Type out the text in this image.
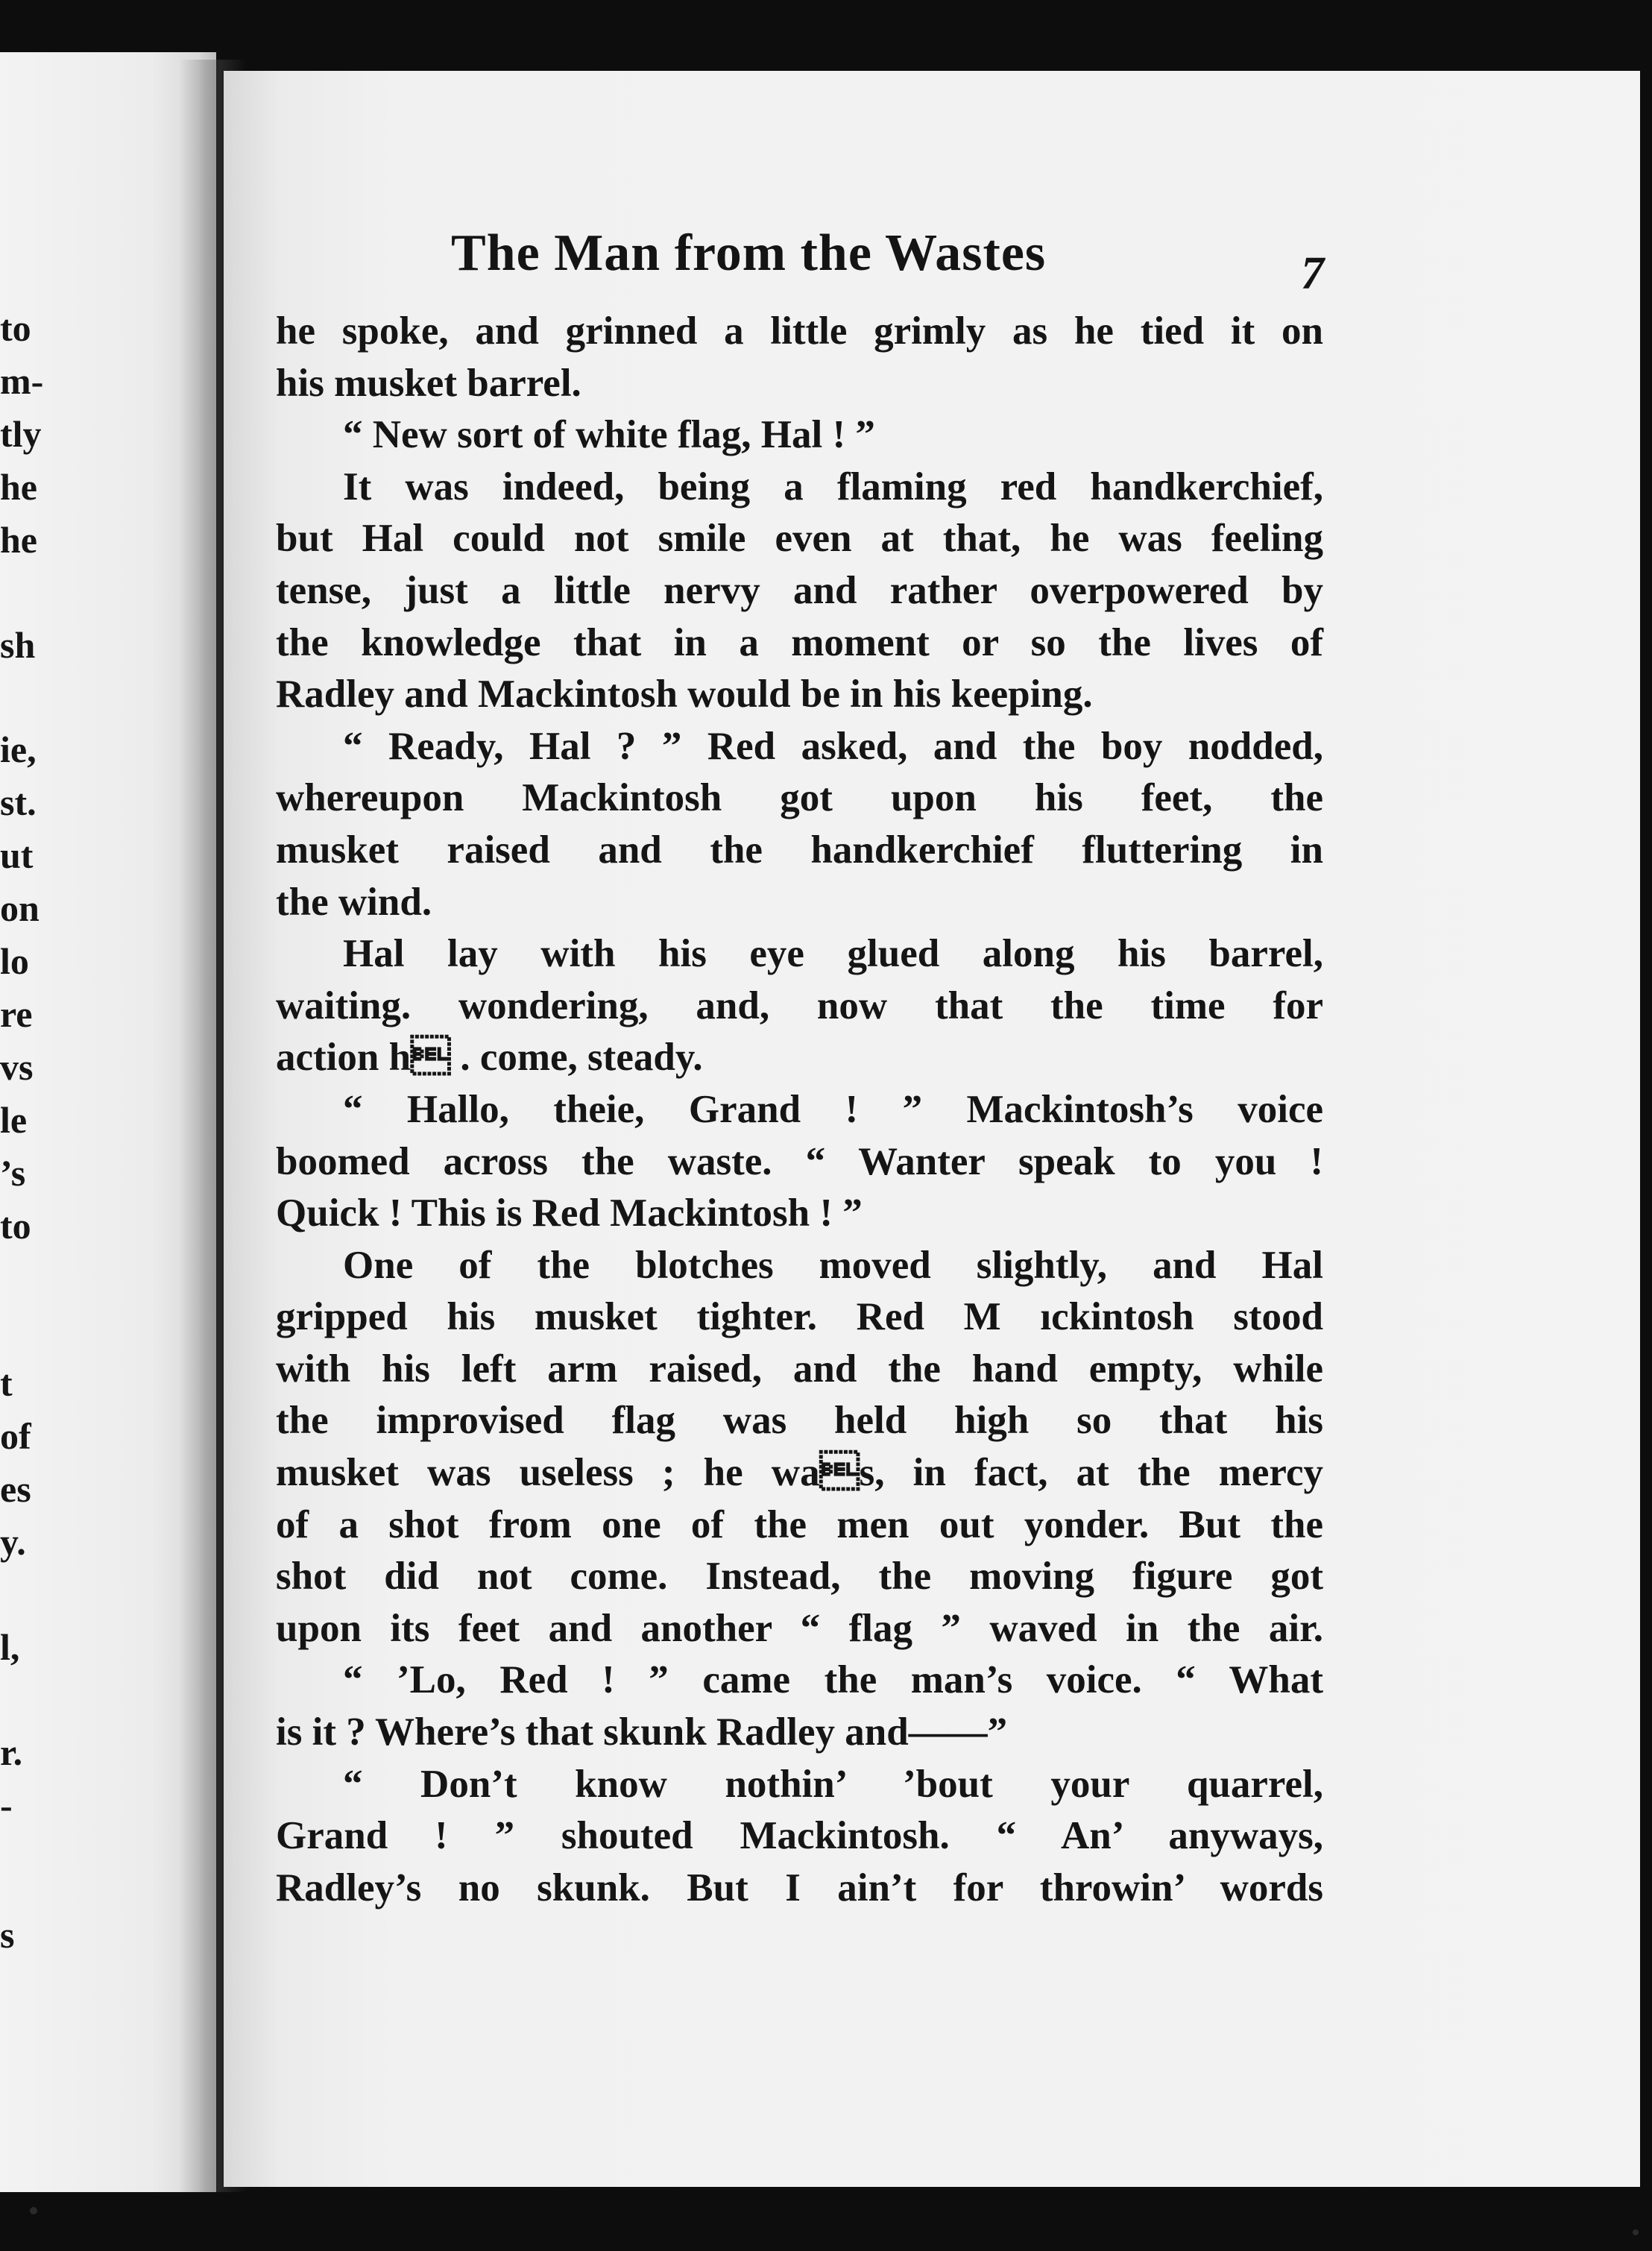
to
m-
tly
he
he
sh
ie,
st.
ut
on
lo
re
vs
le
’s
to
t
of
es
y.
l,
r.
-
s
The Man from the Wastes	7
he spoke, and grinned a little grimly as he tied it on
his musket barrel.
“ New sort of white flag, Hal ! ”
It was indeed, being a flaming red handkerchief,
but Hal could not smile even at that, he was feeling
tense, just a little nervy and rather overpowered by
the knowledge that in a moment or so the lives of
Radley and Mackintosh would be in his keeping.
“ Ready, Hal ? ” Red asked, and the boy nodded,
whereupon Mackintosh got upon his feet, the
musket raised and the handkerchief fluttering in
the wind.
Hal lay with his eye glued along his barrel,
waiting. wondering, and, now that the time for
action h . come, steady.
“ Hallo, theie, Grand ! ” Mackintosh’s voice
boomed across the waste. “ Wanter speak to you !
Quick ! This is Red Mackintosh ! ”
One of the blotches moved slightly, and Hal
gripped his musket tighter. Red M ıckintosh stood
with his left arm raised, and the hand empty, while
the improvised flag was held high so that his
musket was useless ; he was, in fact, at the mercy
of a shot from one of the men out yonder. But the
shot did not come. Instead, the moving figure got
upon its feet and another “ flag ” waved in the air.
“ ’Lo, Red ! ” came the man’s voice. “ What
is it ? Where’s that skunk Radley and——”
“ Don’t know nothin’ ’bout your quarrel,
Grand ! ” shouted Mackintosh. “ An’ anyways,
Radley’s no skunk. But I ain’t for throwin’ words
